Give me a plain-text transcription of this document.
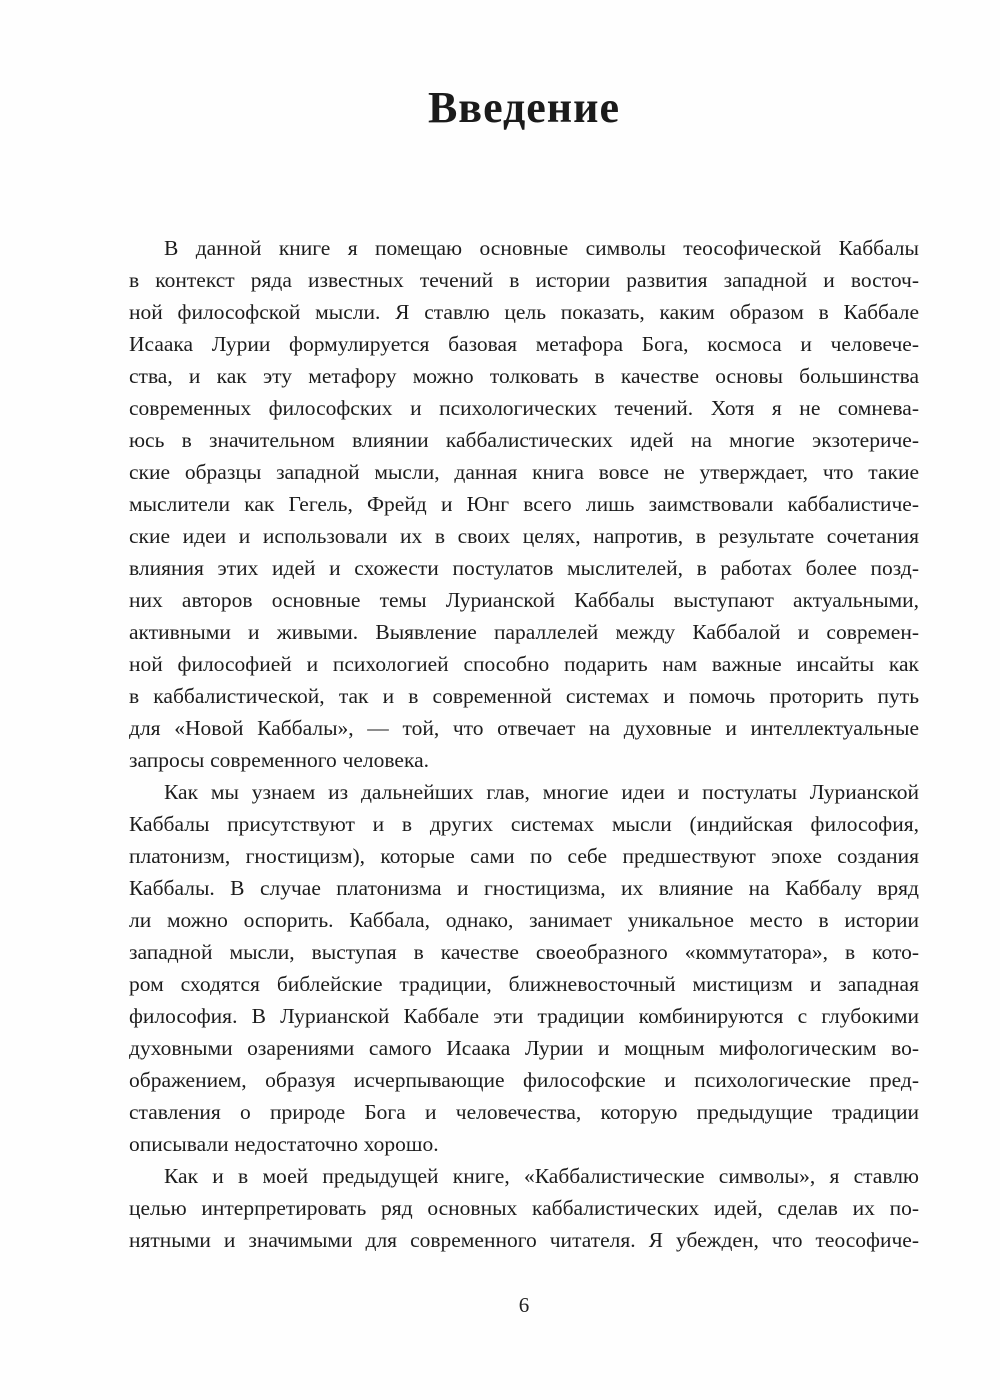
Введение
В данной книге я помещаю основные символы теософической Каббалы
в контекст ряда известных течений в истории развития западной и восточ-
ной философской мысли. Я ставлю цель показать, каким образом в Каббале
Исаака Лурии формулируется базовая метафора Бога, космоса и человече-
ства, и как эту метафору можно толковать в качестве основы большинства
современных философских и психологических течений. Хотя я не сомнева-
юсь в значительном влиянии каббалистических идей на многие экзотериче-
ские образцы западной мысли, данная книга вовсе не утверждает, что такие
мыслители как Гегель, Фрейд и Юнг всего лишь заимствовали каббалистиче-
ские идеи и использовали их в своих целях, напротив, в результате сочетания
влияния этих идей и схожести постулатов мыслителей, в работах более позд-
них авторов основные темы Лурианской Каббалы выступают актуальными,
активными и живыми. Выявление параллелей между Каббалой и современ-
ной философией и психологией способно подарить нам важные инсайты как
в каббалистической, так и в современной системах и помочь проторить путь
для «Новой Каббалы», — той, что отвечает на духовные и интеллектуальные
запросы современного человека.
Как мы узнаем из дальнейших глав, многие идеи и постулаты Лурианской
Каббалы присутствуют и в других системах мысли (индийская философия,
платонизм, гностицизм), которые сами по себе предшествуют эпохе создания
Каббалы. В случае платонизма и гностицизма, их влияние на Каббалу вряд
ли можно оспорить. Каббала, однако, занимает уникальное место в истории
западной мысли, выступая в качестве своеобразного «коммутатора», в кото-
ром сходятся библейские традиции, ближневосточный мистицизм и западная
философия. В Лурианской Каббале эти традиции комбинируются с глубокими
духовными озарениями самого Исаака Лурии и мощным мифологическим во-
ображением, образуя исчерпывающие философские и психологические пред-
ставления о природе Бога и человечества, которую предыдущие традиции
описывали недостаточно хорошо.
Как и в моей предыдущей книге, «Каббалистические символы», я ставлю
целью интерпретировать ряд основных каббалистических идей, сделав их по-
нятными и значимыми для современного читателя. Я убежден, что теософиче-
6
